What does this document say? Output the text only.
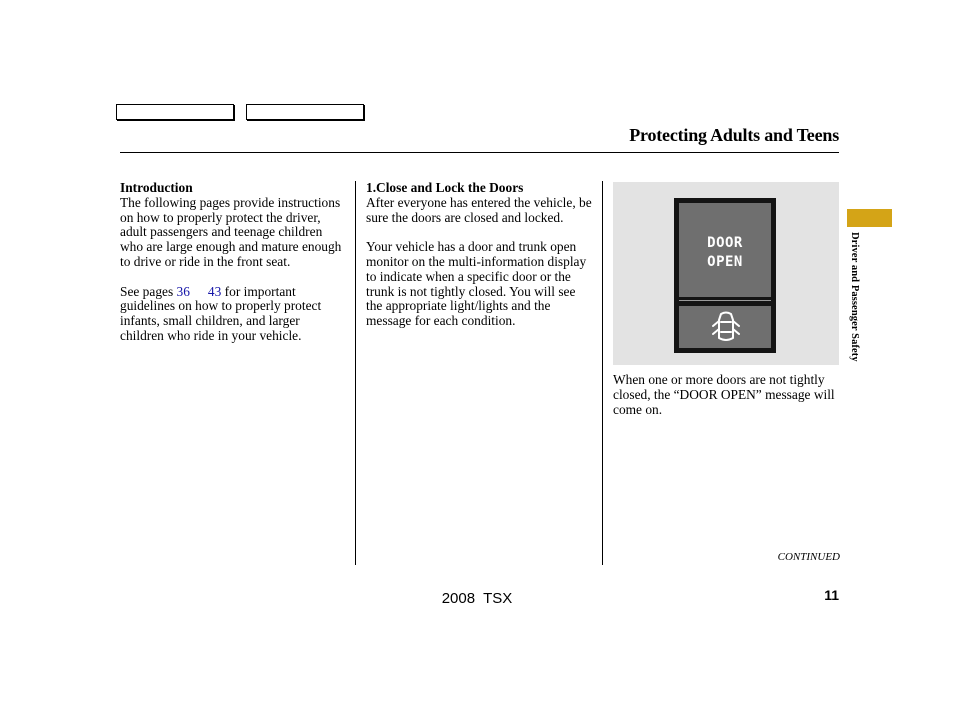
Protecting Adults and Teens
Introduction

The following pages provide instructions on how to properly protect the driver, adult passengers and teenage children who are large enough and mature enough to drive or ride in the front seat.

See pages 36 43 for important guidelines on how to properly protect infants, small children, and larger children who ride in your vehicle.

1.Close and Lock the Doors

After everyone has entered the vehicle, be sure the doors are closed and locked.

Your vehicle has a door and trunk open monitor on the multi-information display to indicate when a specific door or the trunk is not tightly closed. You will see the appropriate light/lights and the message for each condition.

DOOR
OPEN

When one or more doors are not tightly closed, the “DOOR OPEN” message will come on.

Driver and Passenger Safety
CONTINUED
2008  TSX	11
